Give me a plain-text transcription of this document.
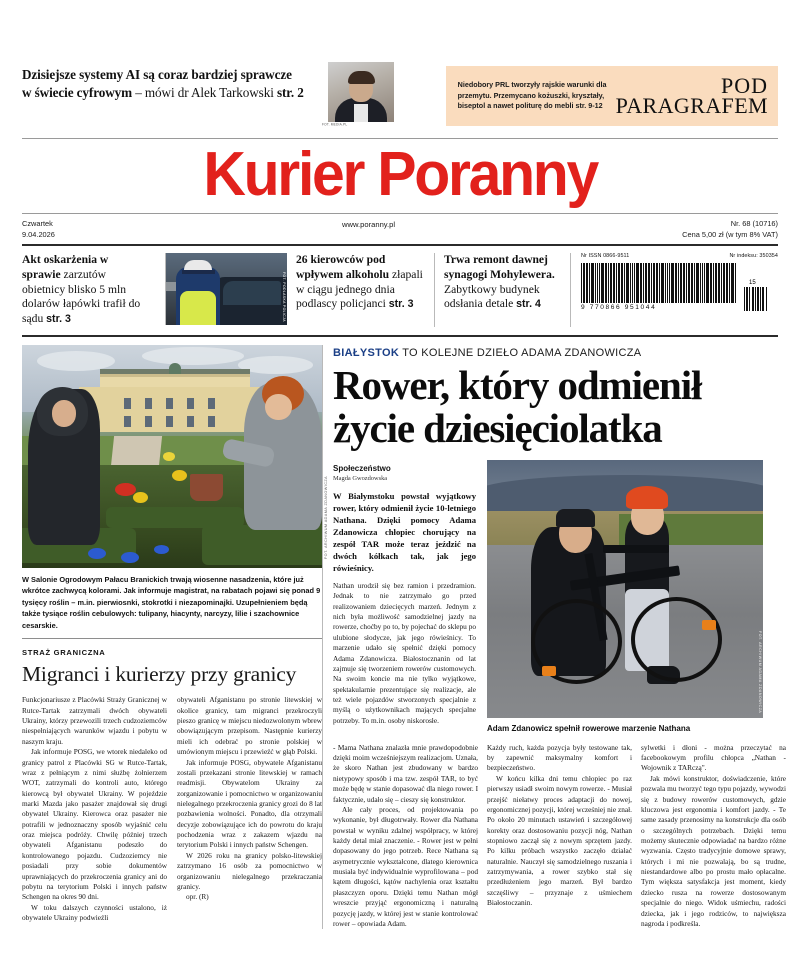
Dzisiejsze systemy AI są coraz bardziej sprawcze
w świecie cyfrowym – mówi dr Alek Tarkowski str. 2
FOT. MEDIA.PL
Niedobory PRL tworzyły rajskie warunki dla przemytu. Przemycano kożuszki, kryształy, biseptol a nawet politurę do mebli str. 9-12
POD
PARAGRAFEM
Kurier Poranny
Czwartek
9.04.2026
www.poranny.pl	Nr. 68 (10716)
Cena 5,00 zł (w tym 8% VAT)
Akt oskarżenia w sprawie zarzutów obietnicy blisko 5 mln dolarów łapówki trafił do sądu str. 3	FOT. PODLASKA POLICJA
26 kierowców pod wpływem alkoholu złapali w ciągu jednego dnia podlascy policjanci str. 3
Trwa remont dawnej synagogi Mohylewera. Zabytkowy budynek odsłania detale str. 4
Nr ISSN 0866-9511	Nr indeksu: 350354
9 770866 951044
15
W Salonie Ogrodowym Pałacu Branickich trwają wiosenne nasadzenia, które już wkrótce zachwycą kolorami. Jak informuje magistrat, na rabatach pojawi się ponad 9 tysięcy roślin – m.in. pierwiosnki, stokrotki i niezapominajki. Uzupełnieniem będą także tysiące roślin cebulowych: tulipany, hiacynty, narcyzy, lilie i szachownice cesarskie.
STRAŻ GRANICZNA
Migranci i kurierzy przy granicy

Funkcjonariusze z Placówki Straży Granicznej w Rutce-Tartak zatrzymali dwóch obywateli Ukrainy, którzy przewozili trzech cudzoziemców niespełniających warunków wjazdu i pobytu w naszym kraju.

Jak informuje POSG, we wtorek niedaleko od granicy patrol z Placówki SG w Rutce-Tartak, wraz z pełniącym z nimi służbę żołnierzem WOT, zatrzymali do kontroli auto, którego kierowcą był obywatel Ukrainy. W pojeździe marki Mazda jako pasażer znajdował się drugi obywatel Ukrainy. Kierowca oraz pasażer nie potrafili w jednoznaczny sposób wyjaśnić celu oraz miejsca podróży. Chwilę później trzech obywateli Afganistanu podeszło do kontrolowanego pojazdu. Cudzoziemcy nie posiadali przy sobie dokumentów uprawniających do przekroczenia granicy ani do pobytu na terytorium Polski i innych państw Schengen na okres 90 dni.

W toku dalszych czynności ustalono, iż obywatele Ukrainy podwieźli

obywateli Afganistanu po stronie litewskiej w okolice granicy, tam migranci przekroczyli pieszo granicę w miejscu niedozwolonym wbrew obowiązującym przepisom. Następnie kurierzy mieli ich odebrać po stronie polskiej w umówionym miejscu i przewieźć w głąb Polski.

Jak informuje POSG, obywatele Afganistanu zostali przekazani stronie litewskiej w ramach readmisji. Obywatelom Ukrainy za zorganizowanie i pomocnictwo w organizowaniu nielegalnego przekroczenia granicy grozi do 8 lat pozbawienia wolności. Ponadto, dla otrzymali decyzje zobowiązujące ich do powrotu do kraju pochodzenia wraz z zakazem wjazdu na terytorium Polski i innych państw Schengen.

W 2026 roku na granicy polsko-litewskiej zatrzymano 16 osób za pomocnictwo w organizowaniu nielegalnego przekraczania granicy.

opr. (R)

BIAŁYSTOK TO KOLEJNE DZIEŁO ADAMA ZDANOWICZA
Rower, który odmienił życie dziesięciolatka
FOT. ARCHIWUM ADAMA ZDANOWICZA
Społeczeństwo
Magda Gwozdowska
W Białymstoku powstał wyjątkowy rower, który odmienił życie 10-letniego Nathana. Dzięki pomocy Adama Zdanowicza chłopiec chorujący na zespół TAR może teraz jeździć na dwóch kółkach tak, jak jego rówieśnicy.

Nathan urodził się bez ramion i przedramion. Jednak to nie zatrzymało go przed realizowaniem dziecięcych marzeń. Jednym z nich była możliwość samodzielnej jazdy na rowerze, choćby po to, by pojechać do sklepu po ulubione słodycze, jak jego rówieśnicy. To marzenie udało się spełnić dzięki pomocy Adama Zdanowicza. Białostocznanin od lat zajmuje się tworzeniem rowerów customowych. Na swoim koncie ma nie tylko wyjątkowe, spektakularnie prezentujące się realizacje, ale też wiele pojazdów stworzonych specjalnie z myślą o użytkownikach mających specjalne potrzeby. To m.in. osoby niskorosłe.

FOT. ARCHIWUM ADAMA ZDANOWICZA
Adam Zdanowicz spełnił rowerowe marzenie Nathana

- Mama Nathana znalazła mnie prawdopodobnie dzięki moim wcześniejszym realizacjom. Uznała, że skoro Nathan jest zbudowany w bardzo nietypowy sposób i ma tzw. zespół TAR, to być może będę w stanie dopasować dla niego rower. I faktycznie, udało się – cieszy się konstruktor.

Ale cały proces, od projektowania po wykonanie, był długotrwały. Rower dla Nathana powstał w wyniku zdalnej współpracy, w której każdy detal miał znaczenie. - Rower jest w pełni dopasowany do jego potrzeb. Rece Nathana są asymetrycznie wykształcone, dlatego kierownica musiała być indywidualnie wyprofilowana – pod kątem długości, kątów nachylenia oraz kształtu płaszczyzn oporu. Dzięki temu Nathan mógł wreszcie przyjąć ergonomiczną i naturalną pozycję jazdy, w której jest w stanie kontrolować rower – opowiada Adam.

Każdy ruch, każda pozycja były testowane tak, by zapewnić maksymalny komfort i bezpieczeństwo.

W końcu kilka dni temu chłopiec po raz pierwszy usiadł swoim nowym rowerze. - Musiał przejść niełatwy proces adaptacji do nowej, ergonomicznej pozycji, której wcześniej nie znał. Po około 20 minutach ustawień i szczegółowej korekty oraz dostosowaniu pozycji nóg, Nathan stopniowo zaczął się z nowym sprzętem jazdy. Po kilku próbach wszystko zaczęło działać naturalnie. Nauczył się samodzielnego ruszania i zatrzymywania, a rower szybko stał się przedłużeniem jego marzeń. Był bardzo szczęśliwy – przyznaje z uśmiechem Białostoczanin.

sylwetki i dłoni - można przeczytać na facebookowym profilu chłopca „Nathan - Wojownik z TARczą".

Jak mówi konstruktor, doświadczenie, które pozwala mu tworzyć tego typu pojazdy, wywodzi się z budowy rowerów customowych, gdzie kluczowa jest ergonomia i komfort jazdy. - Te same zasady przenosimy na konstrukcje dla osób o szczególnych potrzebach. Dzięki temu możemy skutecznie odpowiadać na bardzo różne wyzwania. Często tradycyjnie domowe sprawy, których i mi nie pozwalają, bo są trudne, niestandardowe albo po prostu mało opłacalne. Tym większa satysfakcja jest moment, kiedy dziecko rusza na rowerze dostosowanym specjalnie do niego. Widok uśmiechu, radości dziecka, jak i jego rodziców, to największa nagroda i podkreśla.
